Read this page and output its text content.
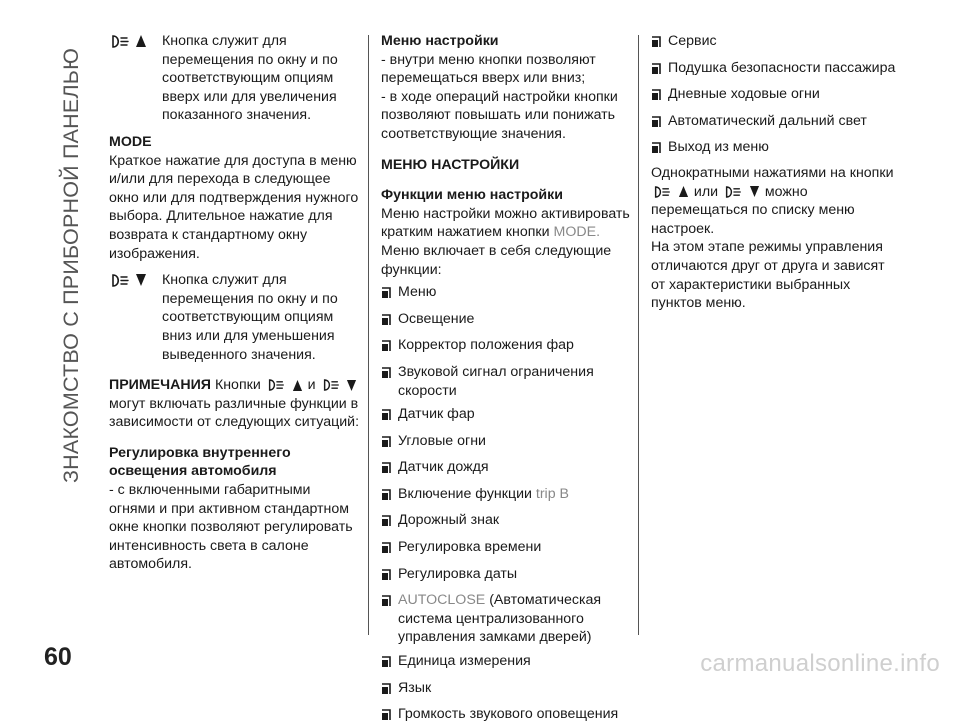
ЗНАКОМСТВО С ПРИБОРНОЙ ПАНЕЛЬЮ

Кнопка служит для перемещения по окну и по соответствующим опциям вверх или для увеличения показанного значения.

MODE

Краткое нажатие для доступа в меню и/или для перехода в следующее окно или для подтверждения нужного выбора. Длительное нажатие для возврата к стандартному окну изображения.

Кнопка служит для перемещения по окну и по соответствующим опциям вниз или для уменьшения выведенного значения.

ПРИМЕЧАНИЯ Кнопки
	и

могут включать различные функции в зависимости от следующих ситуаций:

Регулировка внутреннего освещения автомобиля

- с включенными габаритными огнями и при активном стандартном окне кнопки позволяют регулировать интенсивность света в салоне автомобиля.

Меню настройки

- внутри меню кнопки позволяют перемещаться вверх или вниз;

- в ходе операций настройки кнопки позволяют повышать или понижать соответствующие значения.

МЕНЮ НАСТРОЙКИ

Функции меню настройки

Меню настройки можно активировать кратким нажатием кнопки MODE.

Меню включает в себя следующие функции:

Меню
Освещение
Корректор положения фар
Звуковой сигнал ограничения скорости
Датчик фар
Угловые огни
Датчик дождя
Включение функции trip B
Дорожный знак
Регулировка времени
Регулировка даты
AUTOCLOSE (Автоматическая система централизованного управления замками дверей)
Единица измерения
Язык
Громкость звукового оповещения
Сервис
Подушка безопасности пассажира
Дневные ходовые огни
Автоматический дальний свет
Выход из меню

Однократными нажатиями на кнопки

или
	можно перемещаться по списку меню настроек.

На этом этапе режимы управления отличаются друг от друга и зависят от характеристики выбранных пунктов меню.

60	carmanualsonline.info
